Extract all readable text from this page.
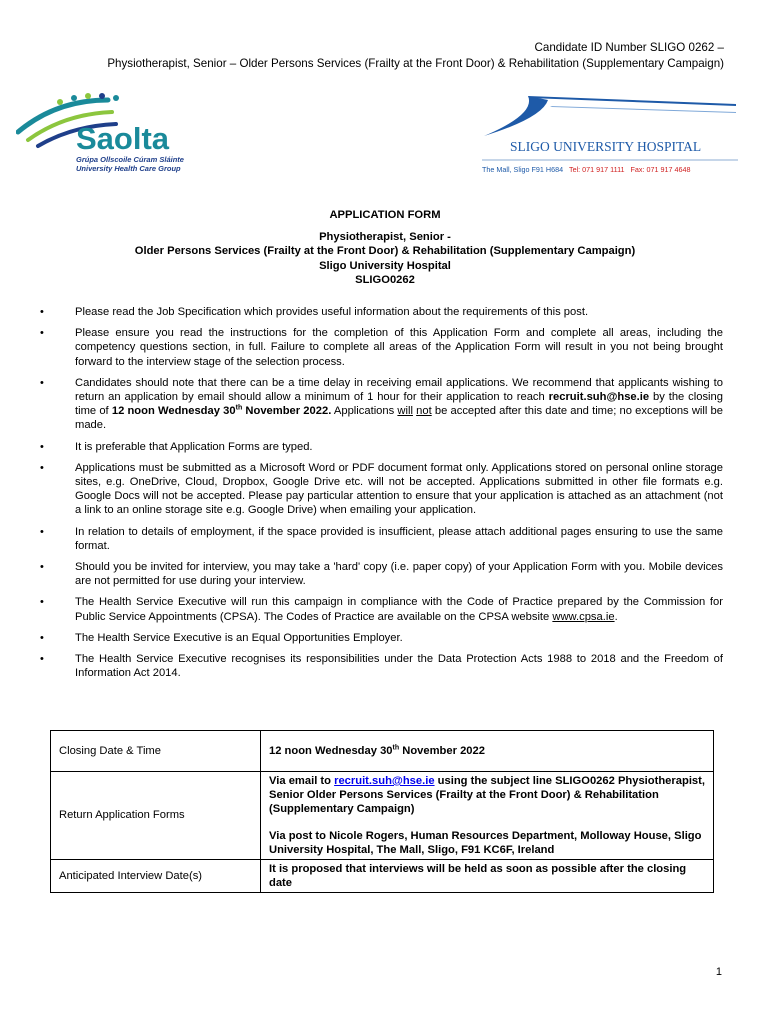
Candidate ID Number SLIGO 0262 –
Physiotherapist, Senior – Older Persons Services (Frailty at the Front Door) & Rehabilitation (Supplementary Campaign)
Saolta
Grúpa Ollscoile Cúram Sláinte
University Health Care Group
SLIGO UNIVERSITY HOSPITAL
The Mall, Sligo F91 H684 Tel: 071 917 1111 Fax: 071 917 4648
APPLICATION FORM
Physiotherapist, Senior -
Older Persons Services (Frailty at the Front Door) & Rehabilitation (Supplementary Campaign)
Sligo University Hospital
SLIGO0262
• Please read the Job Specification which provides useful information about the requirements of this post.
• Please ensure you read the instructions for the completion of this Application Form and complete all areas, including the competency questions section, in full. Failure to complete all areas of the Application Form will result in you not being brought forward to the interview stage of the selection process.
• Candidates should note that there can be a time delay in receiving email applications. We recommend that applicants wishing to return an application by email should allow a minimum of 1 hour for their application to reach recruit.suh@hse.ie by the closing time of 12 noon Wednesday 30th November 2022. Applications will not be accepted after this date and time; no exceptions will be made.
• It is preferable that Application Forms are typed.
• Applications must be submitted as a Microsoft Word or PDF document format only. Applications stored on personal online storage sites, e.g. OneDrive, Cloud, Dropbox, Google Drive etc. will not be accepted. Applications submitted in other file formats e.g. Google Docs will not be accepted. Please pay particular attention to ensure that your application is attached as an attachment (not a link to an online storage site e.g. Google Drive) when emailing your application.
• In relation to details of employment, if the space provided is insufficient, please attach additional pages ensuring to use the same format.
• Should you be invited for interview, you may take a 'hard' copy (i.e. paper copy) of your Application Form with you. Mobile devices are not permitted for use during your interview.
• The Health Service Executive will run this campaign in compliance with the Code of Practice prepared by the Commission for Public Service Appointments (CPSA). The Codes of Practice are available on the CPSA website www.cpsa.ie.
• The Health Service Executive is an Equal Opportunities Employer.
• The Health Service Executive recognises its responsibilities under the Data Protection Acts 1988 to 2018 and the Freedom of Information Act 2014.
Closing Date & Time	12 noon Wednesday 30th November 2022
Return Application Forms	Via email to recruit.suh@hse.ie using the subject line SLIGO0262 Physiotherapist, Senior Older Persons Services (Frailty at the Front Door) & Rehabilitation (Supplementary Campaign)
Via post to Nicole Rogers, Human Resources Department, Molloway House, Sligo University Hospital, The Mall, Sligo, F91 KC6F, Ireland

Anticipated Interview Date(s)	It is proposed that interviews will be held as soon as possible after the closing date
1
